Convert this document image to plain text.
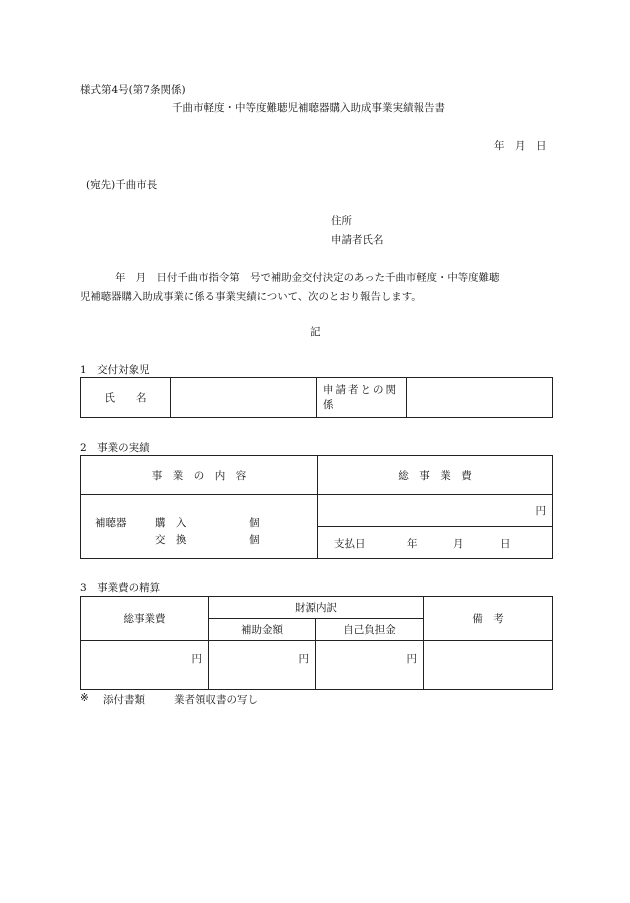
様式第4号(第7条関係)
千曲市軽度・中等度難聴児補聴器購入助成事業実績報告書
年　月　日
(宛先)千曲市長
住所
申請者氏名
年　月　日付千曲市指令第　号で補助金交付決定のあった千曲市軽度・中等度難聴
児補聴器購入助成事業に係る事業実績について、次のとおり報告します。
記
1　交付対象児
氏　　名		申請者との関係	
2　事業の実績
事　業　の　内　容	総　事　業　費

補聴器 購　入 個
交　換 個	円

	支払日 年 月 日
3　事業費の精算
総事業費	財源内訳		備　考
	補助金額	自己負担金	
円	円	円	
※ 添付書類	業者領収書の写し
